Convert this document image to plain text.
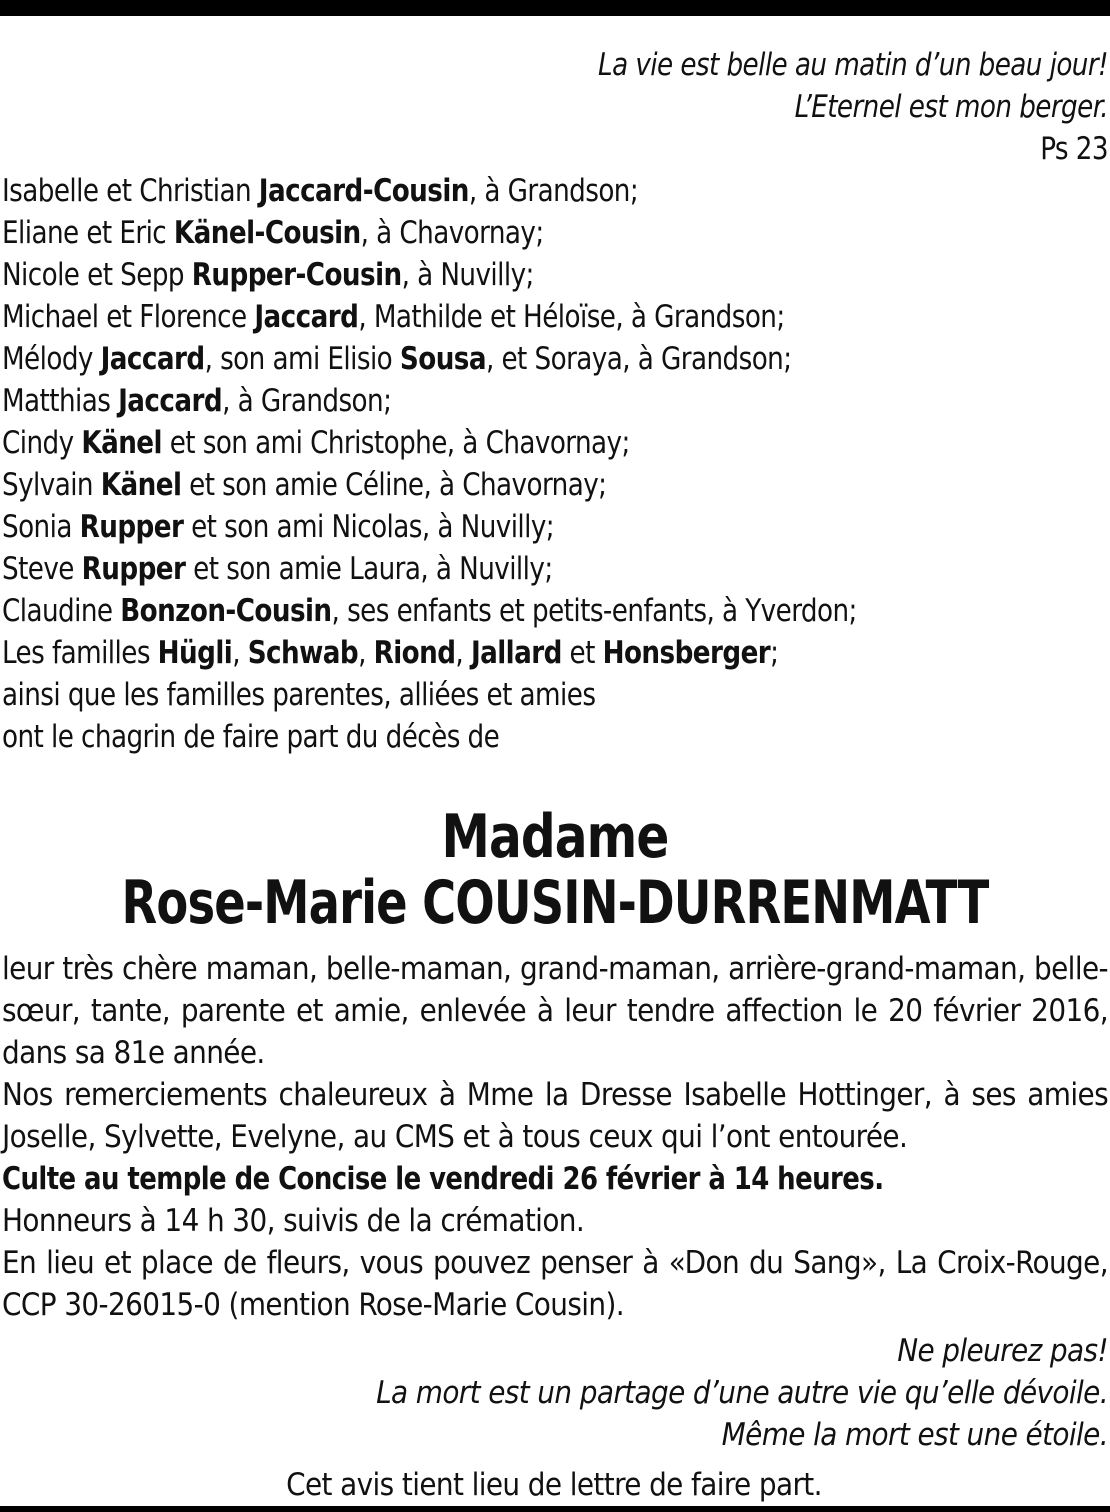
La vie est belle au matin d’un beau jour!
L’Eternel est mon berger.
Ps 23
Isabelle et Christian Jaccard-Cousin, à Grandson;
Eliane et Eric Känel-Cousin, à Chavornay;
Nicole et Sepp Rupper-Cousin, à Nuvilly;
Michael et Florence Jaccard, Mathilde et Héloïse, à Grandson;
Mélody Jaccard, son ami Elisio Sousa, et Soraya, à Grandson;
Matthias Jaccard, à Grandson;
Cindy Känel et son ami Christophe, à Chavornay;
Sylvain Känel et son amie Céline, à Chavornay;
Sonia Rupper et son ami Nicolas, à Nuvilly;
Steve Rupper et son amie Laura, à Nuvilly;
Claudine Bonzon-Cousin, ses enfants et petits-enfants, à Yverdon;
Les familles Hügli, Schwab, Riond, Jallard et Honsberger;
ainsi que les familles parentes, alliées et amies
ont le chagrin de faire part du décès de
Madame
Rose-Marie COUSIN-DURRENMATT

leur très chère maman, belle-maman, grand-maman, arrière-grand-maman, belle-sœur, tante, parente et amie, enlevée à leur tendre affection le 20 février 2016, dans sa 81e année.

Nos remerciements chaleureux à Mme la Dresse Isabelle Hottinger, à ses amies Joselle, Sylvette, Evelyne, au CMS et à tous ceux qui l’ont entourée.

Culte au temple de Concise le vendredi 26 février à 14 heures.

Honneurs à 14 h 30, suivis de la crémation.

En lieu et place de fleurs, vous pouvez penser à «Don du Sang», La Croix-Rouge, CCP 30-26015-0 (mention Rose-Marie Cousin).

Ne pleurez pas!
La mort est un partage d’une autre vie qu’elle dévoile.
Même la mort est une étoile.
Cet avis tient lieu de lettre de faire part.
